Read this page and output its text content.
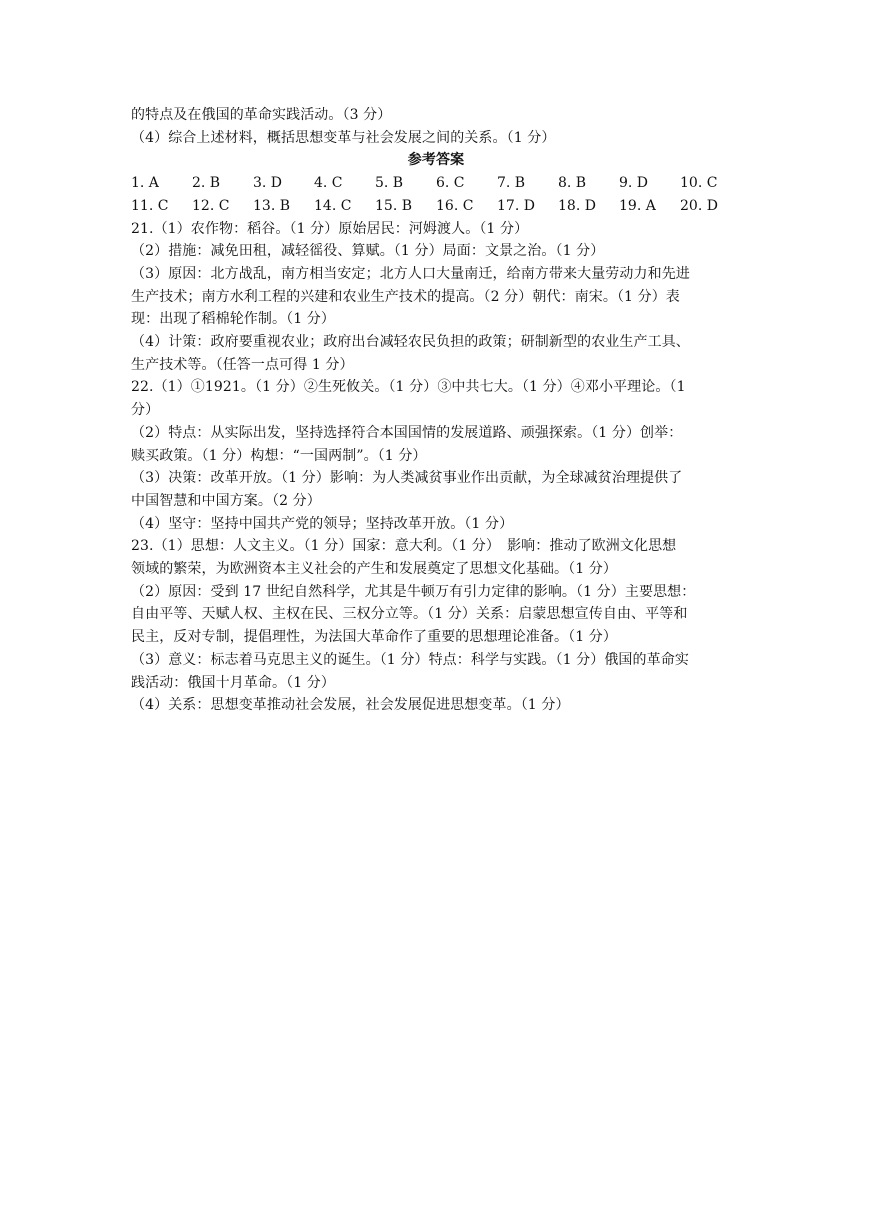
的特点及在俄国的革命实践活动。（3 分）
（4）综合上述材料，概括思想变革与社会发展之间的关系。（1 分）
参考答案
1. A	2. B	3. D	4. C	5. B	6. C	7. B	8. B	9. D	10. C
11. C	12. C	13. B	14. C	15. B	16. C	17. D	18. D	19. A	20. D
21.（1）农作物：稻谷。（1 分）原始居民：河姆渡人。（1 分）
（2）措施：减免田租，减轻徭役、算赋。（1 分）局面：文景之治。（1 分）
（3）原因：北方战乱，南方相当安定；北方人口大量南迁，给南方带来大量劳动力和先进
生产技术；南方水利工程的兴建和农业生产技术的提高。（2 分）朝代：南宋。（1 分）表
现：出现了稻棉轮作制。（1 分）
（4）计策：政府要重视农业；政府出台减轻农民负担的政策；研制新型的农业生产工具、
生产技术等。（任答一点可得 1 分）
22.（1）①1921。（1 分）②生死攸关。（1 分）③中共七大。（1 分）④邓小平理论。（1
分）
（2）特点：从实际出发，坚持选择符合本国国情的发展道路、顽强探索。（1 分）创举：
赎买政策。（1 分）构想：“一国两制”。（1 分）
（3）决策：改革开放。（1 分）影响：为人类减贫事业作出贡献，为全球减贫治理提供了
中国智慧和中国方案。（2 分）
（4）坚守：坚持中国共产党的领导；坚持改革开放。（1 分）
23.（1）思想：人文主义。（1 分）国家：意大利。（1 分）　影响：推动了欧洲文化思想
领域的繁荣，为欧洲资本主义社会的产生和发展奠定了思想文化基础。（1 分）
（2）原因：受到 17 世纪自然科学，尤其是牛顿万有引力定律的影响。（1 分）主要思想：
自由平等、天赋人权、主权在民、三权分立等。（1 分）关系：启蒙思想宣传自由、平等和
民主，反对专制，提倡理性，为法国大革命作了重要的思想理论准备。（1 分）
（3）意义：标志着马克思主义的诞生。（1 分）特点：科学与实践。（1 分）俄国的革命实
践活动：俄国十月革命。（1 分）
（4）关系：思想变革推动社会发展，社会发展促进思想变革。（1 分）
